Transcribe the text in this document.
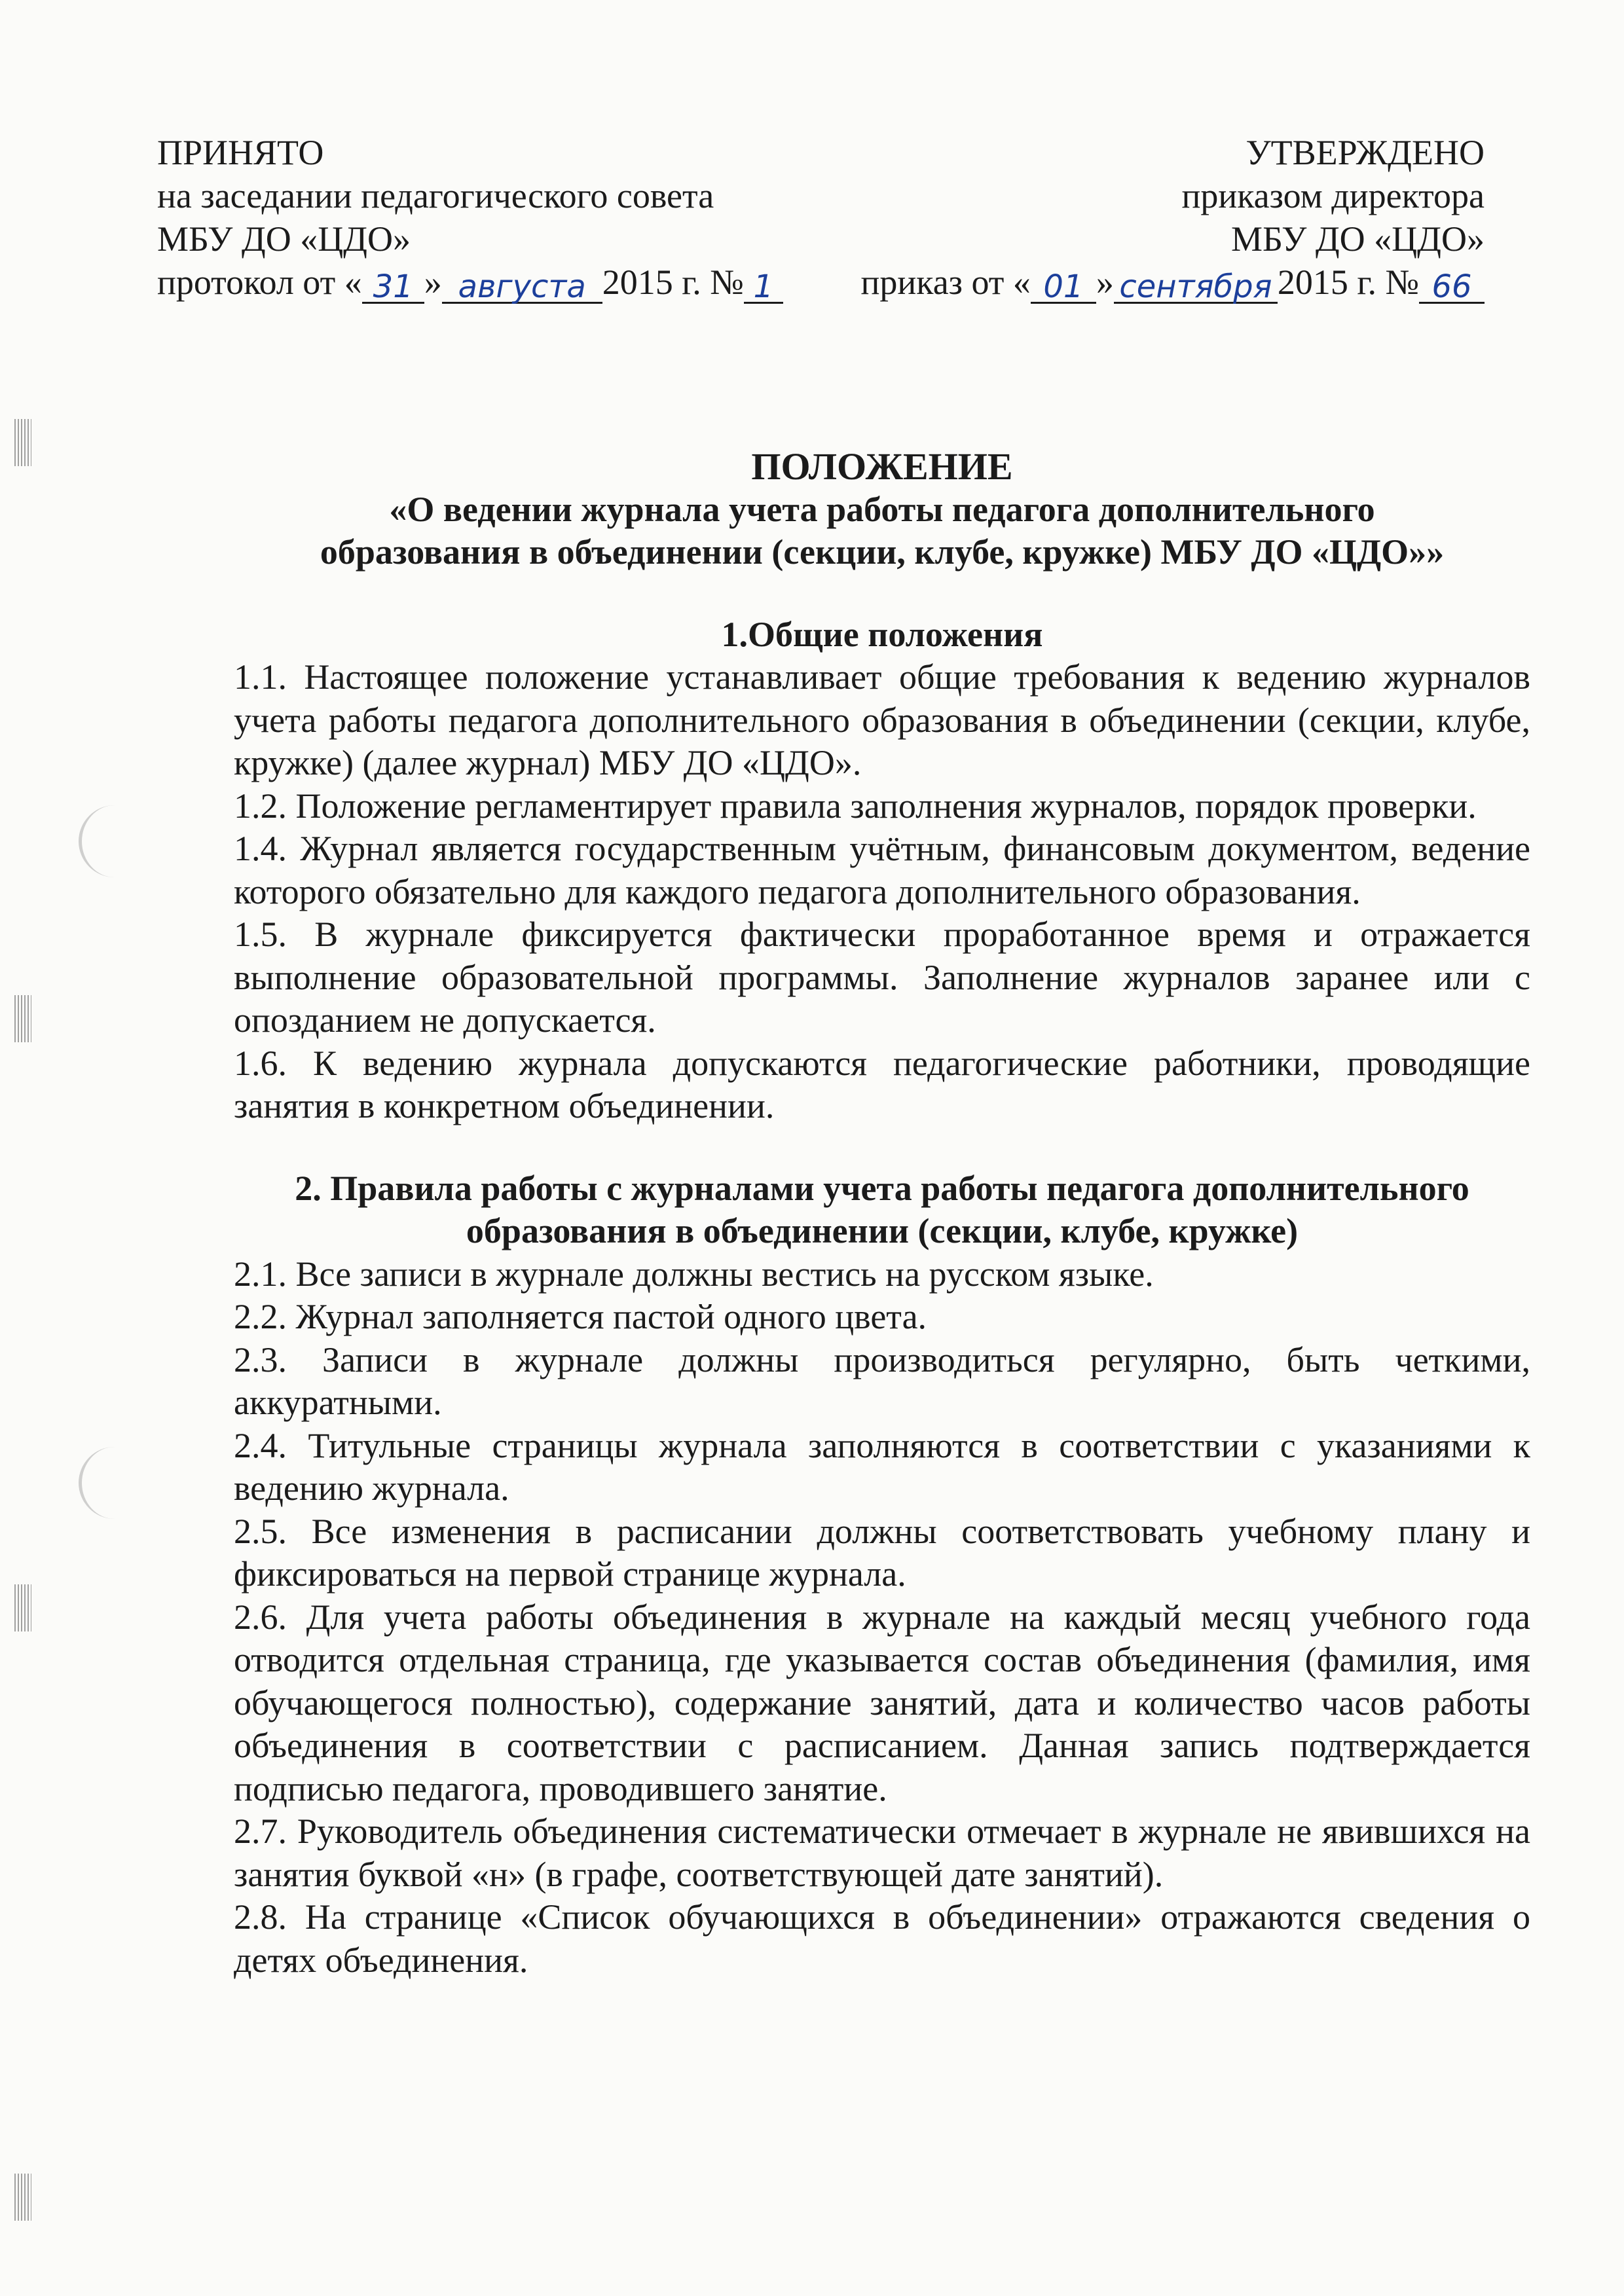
ПРИНЯТО
на заседании педагогического совета
МБУ ДО «ЦДО»
протокол от « 31 » августа 2015 г. № 1
УТВЕРЖДЕНО
приказом директора
МБУ ДО «ЦДО»
приказ от « 01 » сентября 2015 г. № 66
ПОЛОЖЕНИЕ
«О ведении журнала учета работы педагога дополнительного
образования в объединении (секции, клубе, кружке) МБУ ДО «ЦДО»»
1.Общие положения

1.1. Настоящее положение устанавливает общие требования к ведению журналов учета работы педагога дополнительного образования в объединении (секции, клубе, кружке) (далее журнал) МБУ ДО «ЦДО».

1.2. Положение регламентирует правила заполнения журналов, порядок проверки.

1.4. Журнал является государственным учётным, финансовым документом, ведение которого обязательно для каждого педагога дополнительного образования.

1.5. В журнале фиксируется фактически проработанное время и отражается выполнение образовательной программы. Заполнение журналов заранее или с опозданием не допускается.

1.6. К ведению журнала допускаются педагогические работники, проводящие занятия в конкретном объединении.

2. Правила работы с журналами учета работы педагога дополнительного
образования в объединении (секции, клубе, кружке)

2.1. Все записи в журнале должны вестись на русском языке.

2.2. Журнал заполняется пастой одного цвета.

2.3. Записи в журнале должны производиться регулярно, быть четкими, аккуратными.

2.4. Титульные страницы журнала заполняются в соответствии с указаниями к ведению журнала.

2.5. Все изменения в расписании должны соответствовать учебному плану и фиксироваться на первой странице журнала.

2.6. Для учета работы объединения в журнале на каждый месяц учебного года отводится отдельная страница, где указывается состав объединения (фамилия, имя обучающегося полностью), содержание занятий, дата и количество часов работы объединения в соответствии с расписанием. Данная запись подтверждается подписью педагога, проводившего занятие.

2.7. Руководитель объединения систематически отмечает в журнале не явившихся на занятия буквой «н» (в графе, соответствующей дате занятий).

2.8. На странице «Список обучающихся в объединении» отражаются сведения о детях объединения.
